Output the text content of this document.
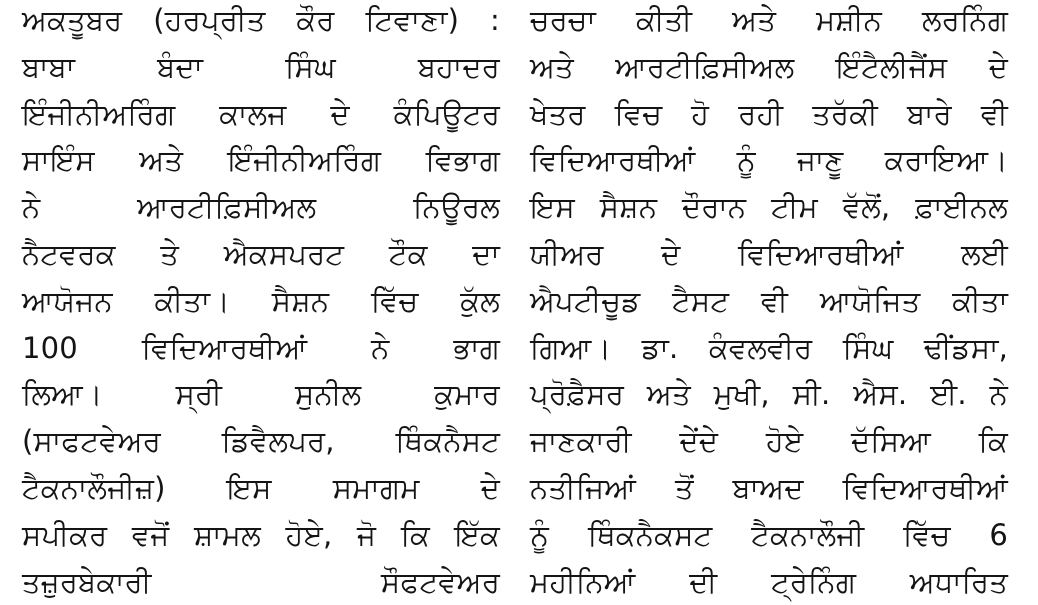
ਅਕਤੂਬਰ (ਹਰਪ੍ਰੀਤ ਕੌਰ ਟਿਵਾਣਾ) :
ਬਾਬਾ ਬੰਦਾ ਸਿੰਘ ਬਹਾਦਰ
ਇੰਜੀਨੀਅਰਿੰਗ ਕਾਲਜ ਦੇ ਕੰਪਿਊਟਰ
ਸਾਇੰਸ ਅਤੇ ਇੰਜੀਨੀਅਰਿੰਗ ਵਿਭਾਗ
ਨੇ ਆਰਟੀਫ਼ਿਸੀਅਲ ਨਿਊਰਲ
ਨੈਟਵਰਕ ਤੇ ਐਕਸਪਰਟ ਟੌਕ ਦਾ
ਆਯੋਜਨ ਕੀਤਾ। ਸੈਸ਼ਨ ਵਿੱਚ ਕੁੱਲ
100 ਵਿਦਿਆਰਥੀਆਂ ਨੇ ਭਾਗ
ਲਿਆ। ਸ੍ਰੀ ਸੁਨੀਲ ਕੁਮਾਰ
(ਸਾਫਟਵੇਅਰ ਡਿਵੈਲਪਰ, ਥਿੰਕਨੈਸਟ
ਟੈਕਨਾਲੌਜੀਜ਼) ਇਸ ਸਮਾਗਮ ਦੇ
ਸਪੀਕਰ ਵਜੋਂ ਸ਼ਾਮਲ ਹੋਏ, ਜੋ ਕਿ ਇੱਕ
ਤਜ਼ੁਰਬੇਕਾਰੀ ਸੌਫਟਵੇਅਰ
ਚਰਚਾ ਕੀਤੀ ਅਤੇ ਮਸ਼ੀਨ ਲਰਨਿੰਗ
ਅਤੇ ਆਰਟੀਫ਼ਿਸੀਅਲ ਇੰਟੈਲੀਜੈਂਸ ਦੇ
ਖੇਤਰ ਵਿਚ ਹੋ ਰਹੀ ਤਰੱਕੀ ਬਾਰੇ ਵੀ
ਵਿਦਿਆਰਥੀਆਂ ਨੂੰ ਜਾਣੂ ਕਰਾਇਆ।
ਇਸ ਸੈਸ਼ਨ ਦੌਰਾਨ ਟੀਮ ਵੱਲੋਂ, ਫ਼ਾਈਨਲ
ਯੀਅਰ ਦੇ ਵਿਦਿਆਰਥੀਆਂ ਲਈ
ਐਪਟੀਚੂਡ ਟੈਸਟ ਵੀ ਆਯੋਜਿਤ ਕੀਤਾ
ਗਿਆ। ਡਾ. ਕੰਵਲਵੀਰ ਸਿੰਘ ਢੀਂਡਸਾ,
ਪ੍ਰੋਫ਼ੈਸਰ ਅਤੇ ਮੁਖੀ, ਸੀ. ਐਸ. ਈ. ਨੇ
ਜਾਣਕਾਰੀ ਦੇਂਦੇ ਹੋਏ ਦੱਸਿਆ ਕਿ
ਨਤੀਜਿਆਂ ਤੋਂ ਬਾਅਦ ਵਿਦਿਆਰਥੀਆਂ
ਨੂੰ ਥਿੰਕਨੈਕਸਟ ਟੈਕਨਾਲੌਜੀ ਵਿੱਚ 6
ਮਹੀਨਿਆਂ ਦੀ ਟ੍ਰੇਨਿੰਗ ਅਧਾਰਿਤ
